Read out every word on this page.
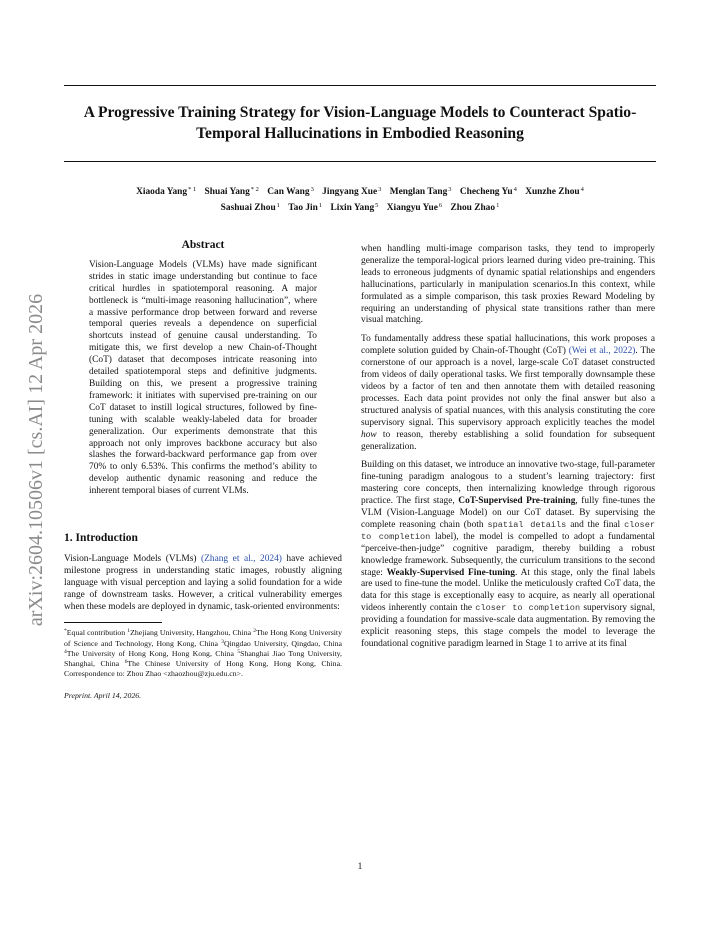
arXiv:2604.10506v1 [cs.AI] 12 Apr 2026
A Progressive Training Strategy for Vision-Language Models to Counteract Spatio-Temporal Hallucinations in Embodied Reasoning
Xiaoda Yang$^{* 1}$ Shuai Yang$^{* 2}$ Can Wang$^3$ Jingyang Xue$^3$ Menglan Tang$^3$ Checheng Yu$^4$ Xunzhe Zhou$^4$
Sashuai Zhou$^1$ Tao Jin$^1$ Lixin Yang$^5$ Xiangyu Yue$^6$ Zhou Zhao$^1$
Abstract
Vision-Language Models (VLMs) have made significant strides in static image understanding but continue to face critical hurdles in spatiotemporal reasoning. A major bottleneck is “multi-image reasoning hallucination”, where a massive performance drop between forward and reverse temporal queries reveals a dependence on superficial shortcuts instead of genuine causal understanding. To mitigate this, we first develop a new Chain-of-Thought (CoT) dataset that decomposes intricate reasoning into detailed spatiotemporal steps and definitive judgments. Building on this, we present a progressive training framework: it initiates with supervised pre-training on our CoT dataset to instill logical structures, followed by fine-tuning with scalable weakly-labeled data for broader generalization. Our experiments demonstrate that this approach not only improves backbone accuracy but also slashes the forward-backward performance gap from over 70% to only 6.53%. This confirms the method’s ability to develop authentic dynamic reasoning and reduce the inherent temporal biases of current VLMs.
1. Introduction

Vision-Language Models (VLMs) (Zhang et al., 2024) have achieved milestone progress in understanding static images, robustly aligning language with visual perception and laying a solid foundation for a wide range of downstream tasks. However, a critical vulnerability emerges when these models are deployed in dynamic, task-oriented environments:

*Equal contribution $^1$Zhejiang University, Hangzhou, China $^2$The Hong Kong University of Science and Technology, Hong Kong, China $^3$Qingdao University, Qingdao, China $^4$The University of Hong Kong, Hong Kong, China $^5$Shanghai Jiao Tong University, Shanghai, China $^6$The Chinese University of Hong Kong, Hong Kong, China. Correspondence to: Zhou Zhao <zhaozhou@zju.edu.cn>.
Preprint. April 14, 2026.

when handling multi-image comparison tasks, they tend to improperly generalize the temporal-logical priors learned during video pre-training. This leads to erroneous judgments of dynamic spatial relationships and engenders hallucinations, particularly in manipulation scenarios.In this context, while formulated as a simple comparison, this task proxies Reward Modeling by requiring an understanding of physical state transitions rather than mere visual matching.

To fundamentally address these spatial hallucinations, this work proposes a complete solution guided by Chain-of-Thought (CoT) (Wei et al., 2022). The cornerstone of our approach is a novel, large-scale CoT dataset constructed from videos of daily operational tasks. We first temporally downsample these videos by a factor of ten and then annotate them with detailed reasoning processes. Each data point provides not only the final answer but also a structured analysis of spatial nuances, with this analysis constituting the core supervisory signal. This supervisory approach explicitly teaches the model how to reason, thereby establishing a solid foundation for subsequent generalization.

Building on this dataset, we introduce an innovative two-stage, full-parameter fine-tuning paradigm analogous to a student’s learning trajectory: first mastering core concepts, then internalizing knowledge through rigorous practice. The first stage, CoT-Supervised Pre-training, fully fine-tunes the VLM (Vision-Language Model) on our CoT dataset. By supervising the complete reasoning chain (both spatial details and the final closer to completion label), the model is compelled to adopt a fundamental “perceive-then-judge” cognitive paradigm, thereby building a robust knowledge framework. Subsequently, the curriculum transitions to the second stage: Weakly-Supervised Fine-tuning. At this stage, only the final labels are used to fine-tune the model. Unlike the meticulously crafted CoT data, the data for this stage is exceptionally easy to acquire, as nearly all operational videos inherently contain the closer to completion supervisory signal, providing a foundation for massive-scale data augmentation. By removing the explicit reasoning steps, this stage compels the model to leverage the foundational cognitive paradigm learned in Stage 1 to arrive at its final

1
